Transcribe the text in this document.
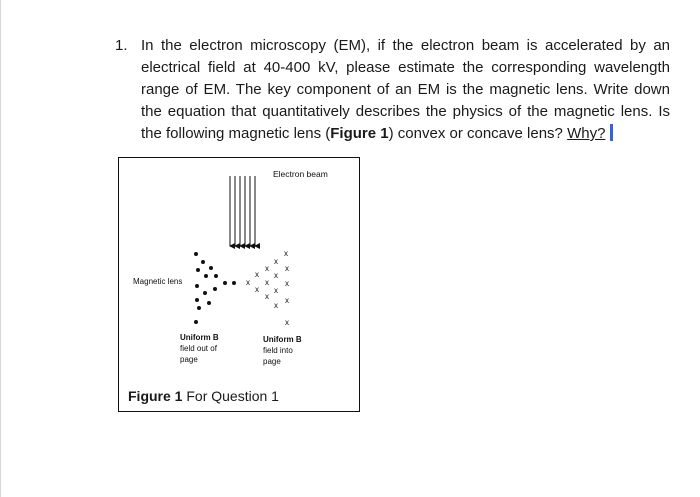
1. In the electron microscopy (EM), if the electron beam is accelerated by an electrical field at 40-400 kV, please estimate the corresponding wavelength range of EM. The key component of an EM is the magnetic lens. Write down the equation that quantitatively describes the physics of the magnetic lens. Is the following magnetic lens (Figure 1) convex or concave lens? Why?
Electron beam
Magnetic lens
x
x
x x
x x
x x x
x x
x x
x
x
Uniform B field out of page
Uniform B field into page
Figure 1 For Question 1
